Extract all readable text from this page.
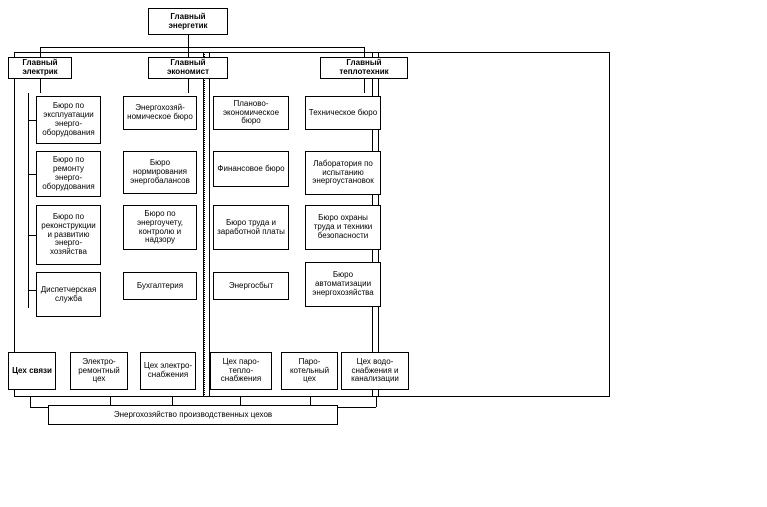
Главный энергетик
Главный электрик
Главный экономист
Главный теплотехник
Бюро по эксплуатации энерго-оборудования
Бюро по ремонту энерго-оборудования
Бюро по реконструкции и развитию энерго-хозяйства
Диспетчерская служба
Энергохозяй-номическое бюро
Бюро нормирования энергобалансов
Бюро по энергоучету, контролю и надзору
Бухгалтерия
Планово-экономическое бюро
Финансовое бюро
Бюро труда и заработной платы
Энергосбыт
Техническое бюро
Лаборатория по испытанию энергоустановок
Бюро охраны труда и техники безопасности
Бюро автоматизации энергохозяйства
Цех связи
Электро-ремонтный цех
Цех электро-снабжения
Цех паро-тепло-снабжения
Паро-котельный цех
Цех водо-снабжения и канализации
Энергохозяйство производственных цехов
